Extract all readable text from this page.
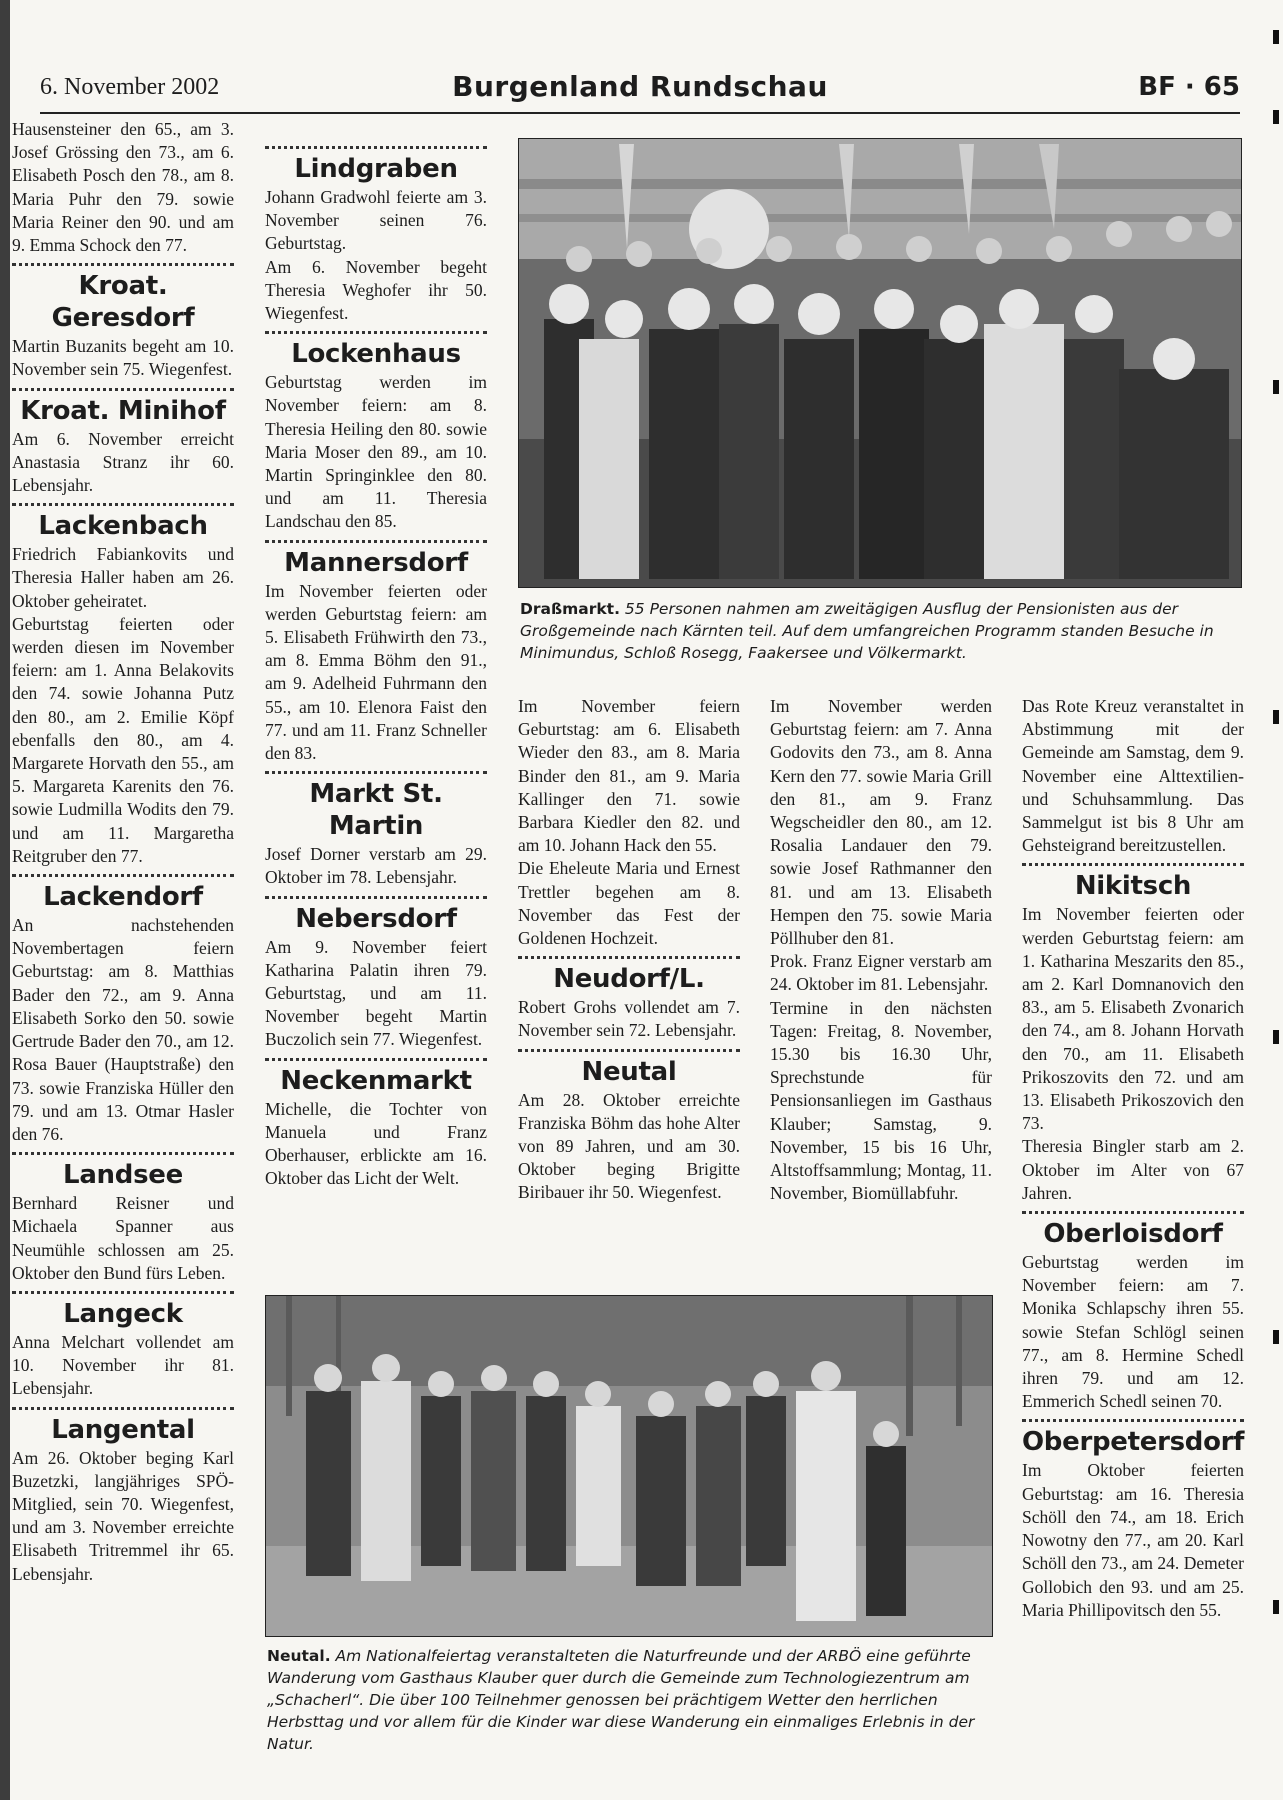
6. November 2002	Burgenland Rundschau	BF · 65

Hausensteiner den 65., am 3. Josef Grössing den 73., am 6. Elisabeth Posch den 78., am 8. Maria Puhr den 79. sowie Maria Reiner den 90. und am 9. Emma Schock den 77.

Kroat. Geresdorf

Martin Buzanits begeht am 10. November sein 75. Wiegenfest.

Kroat. Minihof

Am 6. November erreicht Anastasia Stranz ihr 60. Lebensjahr.

Lackenbach

Friedrich Fabiankovits und Theresia Haller haben am 26. Oktober geheiratet.

Geburtstag feierten oder werden diesen im November feiern: am 1. Anna Belakovits den 74. sowie Johanna Putz den 80., am 2. Emilie Köpf ebenfalls den 80., am 4. Margarete Horvath den 55., am 5. Margareta Karenits den 76. sowie Ludmilla Wodits den 79. und am 11. Margaretha Reitgruber den 77.

Lackendorf

An nachstehenden Novembertagen feiern Geburtstag: am 8. Matthias Bader den 72., am 9. Anna Elisabeth Sorko den 50. sowie Gertrude Bader den 70., am 12. Rosa Bauer (Hauptstraße) den 73. sowie Franziska Hüller den 79. und am 13. Otmar Hasler den 76.

Landsee

Bernhard Reisner und Michaela Spanner aus Neumühle schlossen am 25. Oktober den Bund fürs Leben.

Langeck

Anna Melchart vollendet am 10. November ihr 81. Lebensjahr.

Langental

Am 26. Oktober beging Karl Buzetzki, langjähriges SPÖ-Mitglied, sein 70. Wiegenfest, und am 3. November erreichte Elisabeth Tritremmel ihr 65. Lebensjahr.

Lindgraben

Johann Gradwohl feierte am 3. November seinen 76. Geburtstag.

Am 6. November begeht Theresia Weghofer ihr 50. Wiegenfest.

Lockenhaus

Geburtstag werden im November feiern: am 8. Theresia Heiling den 80. sowie Maria Moser den 89., am 10. Martin Springinklee den 80. und am 11. Theresia Landschau den 85.

Mannersdorf

Im November feierten oder werden Geburtstag feiern: am 5. Elisabeth Frühwirth den 73., am 8. Emma Böhm den 91., am 9. Adelheid Fuhrmann den 55., am 10. Elenora Faist den 77. und am 11. Franz Schneller den 83.

Markt St. Martin

Josef Dorner verstarb am 29. Oktober im 78. Lebensjahr.

Nebersdorf

Am 9. November feiert Katharina Palatin ihren 79. Geburtstag, und am 11. November begeht Martin Buczolich sein 77. Wiegenfest.

Neckenmarkt

Michelle, die Tochter von Manuela und Franz Oberhauser, erblickte am 16. Oktober das Licht der Welt.

Draßmarkt. 55 Personen nahmen am zweitägigen Ausflug der Pensionisten aus der Großgemeinde nach Kärnten teil. Auf dem umfangreichen Programm standen Besuche in Minimundus, Schloß Rosegg, Faakersee und Völkermarkt.

Im November feiern Geburtstag: am 6. Elisabeth Wieder den 83., am 8. Maria Binder den 81., am 9. Maria Kallinger den 71. sowie Barbara Kiedler den 82. und am 10. Johann Hack den 55.

Die Eheleute Maria und Ernest Trettler begehen am 8. November das Fest der Goldenen Hochzeit.

Neudorf/L.

Robert Grohs vollendet am 7. November sein 72. Lebensjahr.

Neutal

Am 28. Oktober erreichte Franziska Böhm das hohe Alter von 89 Jahren, und am 30. Oktober beging Brigitte Biribauer ihr 50. Wiegenfest.

Im November werden Geburtstag feiern: am 7. Anna Godovits den 73., am 8. Anna Kern den 77. sowie Maria Grill den 81., am 9. Franz Wegscheidler den 80., am 12. Rosalia Landauer den 79. sowie Josef Rathmanner den 81. und am 13. Elisabeth Hempen den 75. sowie Maria Pöllhuber den 81.

Prok. Franz Eigner verstarb am 24. Oktober im 81. Lebensjahr.

Termine in den nächsten Tagen: Freitag, 8. November, 15.30 bis 16.30 Uhr, Sprechstunde für Pensionsanliegen im Gasthaus Klauber; Samstag, 9. November, 15 bis 16 Uhr, Altstoffsammlung; Montag, 11. November, Biomüllabfuhr.

Das Rote Kreuz veranstaltet in Abstimmung mit der Gemeinde am Samstag, dem 9. November eine Alttextilien- und Schuhsammlung. Das Sammelgut ist bis 8 Uhr am Gehsteigrand bereitzustellen.

Nikitsch

Im November feierten oder werden Geburtstag feiern: am 1. Katharina Meszarits den 85., am 2. Karl Domnanovich den 83., am 5. Elisabeth Zvonarich den 74., am 8. Johann Horvath den 70., am 11. Elisabeth Prikoszovits den 72. und am 13. Elisabeth Prikoszovich den 73.

Theresia Bingler starb am 2. Oktober im Alter von 67 Jahren.

Oberloisdorf

Geburtstag werden im November feiern: am 7. Monika Schlapschy ihren 55. sowie Stefan Schlögl seinen 77., am 8. Hermine Schedl ihren 79. und am 12. Emmerich Schedl seinen 70.

Oberpetersdorf

Im Oktober feierten Geburtstag: am 16. Theresia Schöll den 74., am 18. Erich Nowotny den 77., am 20. Karl Schöll den 73., am 24. Demeter Gollobich den 93. und am 25. Maria Phillipovitsch den 55.

Neutal. Am Nationalfeiertag veranstalteten die Naturfreunde und der ARBÖ eine geführte Wanderung vom Gasthaus Klauber quer durch die Gemeinde zum Technologiezentrum am „Schacherl“. Die über 100 Teilnehmer genossen bei prächtigem Wetter den herrlichen Herbsttag und vor allem für die Kinder war diese Wanderung ein einmaliges Erlebnis in der Natur.
